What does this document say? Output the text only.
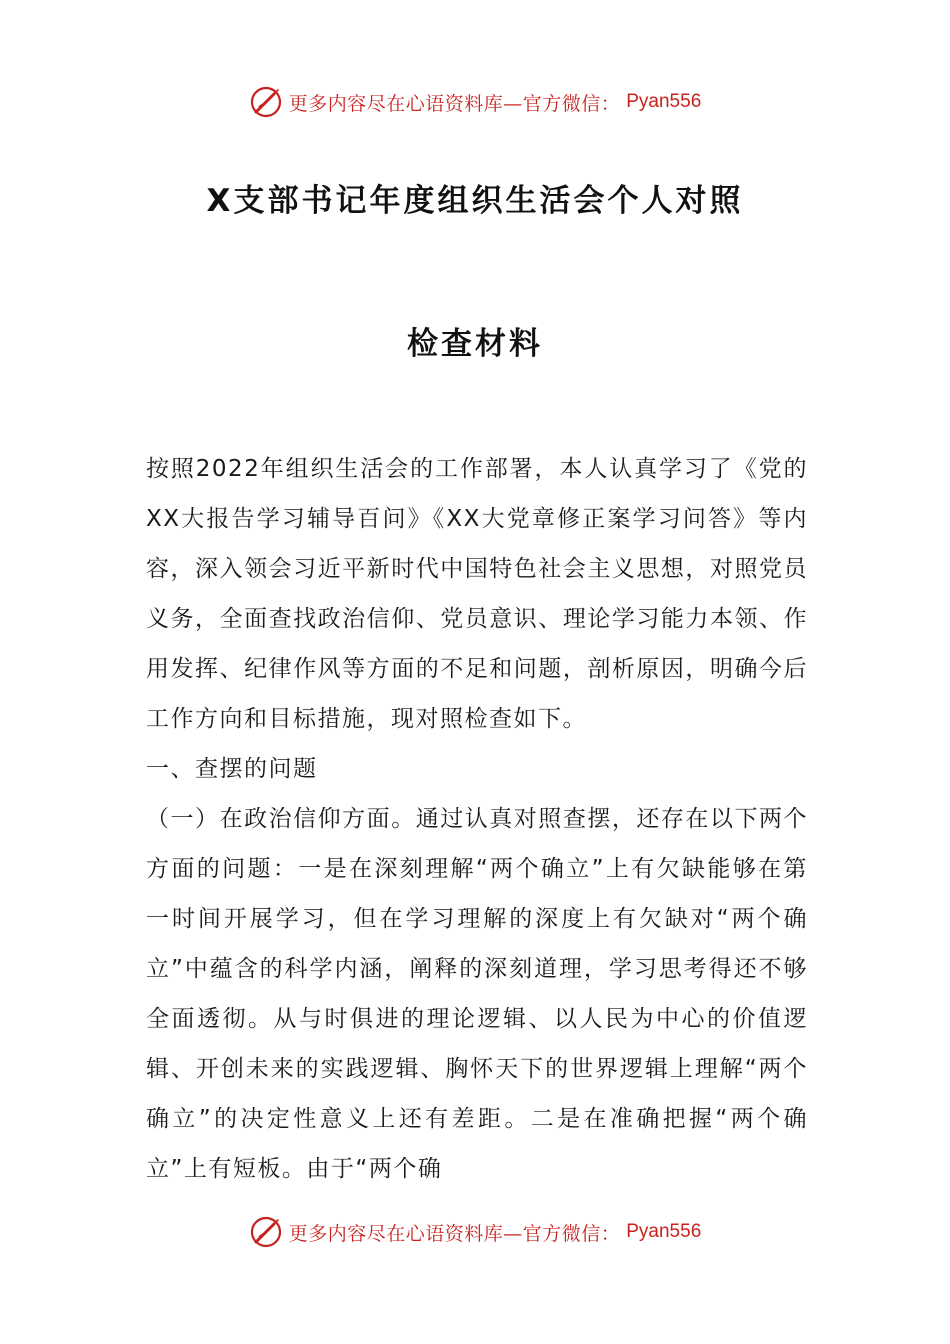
更多内容尽在心语资料库—官方微信： Pyan556
X支部书记年度组织生活会个人对照
检查材料

按照2022年组织生活会的工作部署，本人认真学习了《党的XX大报告学习辅导百问》《XX大党章修正案学习问答》等内容，深入领会习近平新时代中国特色社会主义思想，对照党员义务，全面查找政治信仰、党员意识、理论学习能力本领、作用发挥、纪律作风等方面的不足和问题，剖析原因，明确今后工作方向和目标措施，现对照检查如下。

一、查摆的问题

（一）在政治信仰方面。通过认真对照查摆，还存在以下两个方面的问题：一是在深刻理解“两个确立”上有欠缺能够在第一时间开展学习，但在学习理解的深度上有欠缺对“两个确立”中蕴含的科学内涵，阐释的深刻道理，学习思考得还不够全面透彻。从与时俱进的理论逻辑、以人民为中心的价值逻辑、开创未来的实践逻辑、胸怀天下的世界逻辑上理解“两个确立”的决定性意义上还有差距。二是在准确把握“两个确立”上有短板。由于“两个确

更多内容尽在心语资料库—官方微信： Pyan556
